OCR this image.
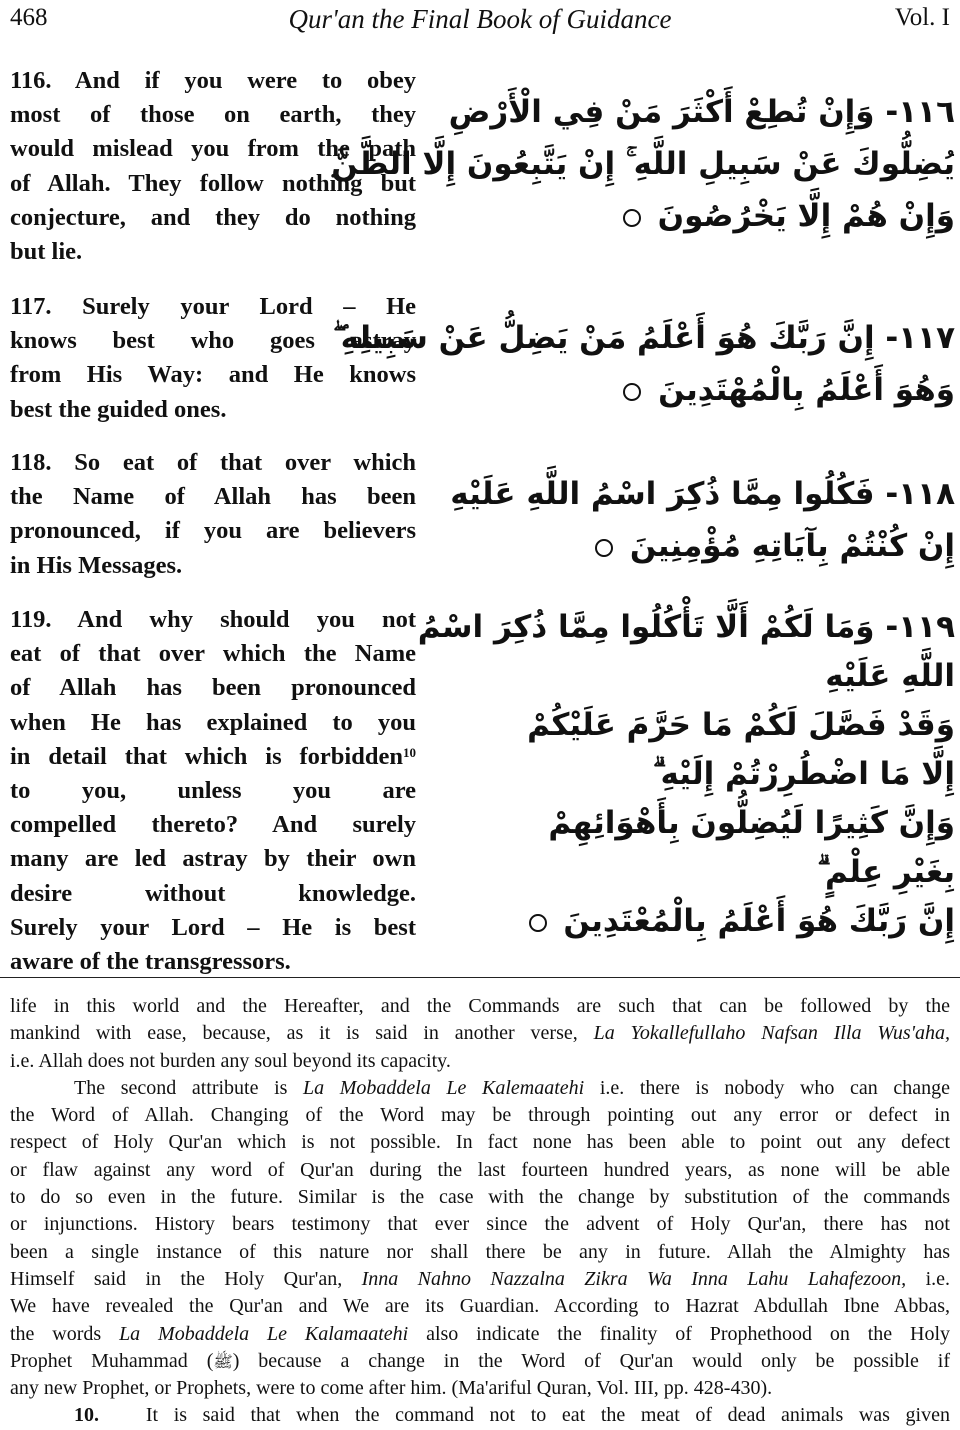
468	Qur'an the Final Book of Guidance	Vol. I
116. And if you were to obey
most of those on earth, they
would mislead you from the path
of Allah. They follow nothing but
conjecture, and they do nothing
but lie.
١١٦- وَإِنْ تُطِعْ أَكْثَرَ مَنْ فِي الْأَرْضِ
يُضِلُّوكَ عَنْ سَبِيلِ اللَّهِ ۚ إِنْ يَتَّبِعُونَ إِلَّا الظَّنَّ
وَإِنْ هُمْ إِلَّا يَخْرُصُونَ
117. Surely your Lord – He
knows best who goes astray
from His Way: and He knows
best the guided ones.
١١٧- إِنَّ رَبَّكَ هُوَ أَعْلَمُ مَنْ يَضِلُّ عَنْ سَبِيلِهِ ۖ
وَهُوَ أَعْلَمُ بِالْمُهْتَدِينَ
118. So eat of that over which
the Name of Allah has been
pronounced, if you are believers
in His Messages.
١١٨- فَكُلُوا مِمَّا ذُكِرَ اسْمُ اللَّهِ عَلَيْهِ
إِنْ كُنْتُمْ بِآيَاتِهِ مُؤْمِنِينَ
119. And why should you not
eat of that over which the Name
of Allah has been pronounced
when He has explained to you
in detail that which is forbidden$^{10}$
to you, unless you are
compelled thereto? And surely
many are led astray by their own
desire without knowledge.
Surely your Lord – He is best
aware of the transgressors.
١١٩- وَمَا لَكُمْ أَلَّا تَأْكُلُوا مِمَّا ذُكِرَ اسْمُ
اللَّهِ عَلَيْهِ
وَقَدْ فَصَّلَ لَكُمْ مَا حَرَّمَ عَلَيْكُمْ
إِلَّا مَا اضْطُرِرْتُمْ إِلَيْهِ ۗ
وَإِنَّ كَثِيرًا لَيُضِلُّونَ بِأَهْوَائِهِمْ
بِغَيْرِ عِلْمٍ ۗ
إِنَّ رَبَّكَ هُوَ أَعْلَمُ بِالْمُعْتَدِينَ
life in this world and the Hereafter, and the Commands are such that can be followed by the
mankind with ease, because, as it is said in another verse, La Yokallefullaho Nafsan Illa Wus'aha,
i.e. Allah does not burden any soul beyond its capacity.
The second attribute is La Mobaddela Le Kalemaatehi i.e. there is nobody who can change
the Word of Allah. Changing of the Word may be through pointing out any error or defect in
respect of Holy Qur'an which is not possible. In fact none has been able to point out any defect
or flaw against any word of Qur'an during the last fourteen hundred years, as none will be able
to do so even in the future. Similar is the case with the change by substitution of the commands
or injunctions. History bears testimony that ever since the advent of Holy Qur'an, there has not
been a single instance of this nature nor shall there be any in future. Allah the Almighty has
Himself said in the Holy Qur'an, Inna Nahno Nazzalna Zikra Wa Inna Lahu Lahafezoon, i.e.
We have revealed the Qur'an and We are its Guardian. According to Hazrat Abdullah Ibne Abbas,
the words La Mobaddela Le Kalamaatehi also indicate the finality of Prophethood on the Holy
Prophet Muhammad (ﷺ) because a change in the Word of Qur'an would only be possible if
any new Prophet, or Prophets, were to come after him. (Ma'ariful Quran, Vol. III, pp. 428-430).
10. It is said that when the command not to eat the meat of dead animals was given
